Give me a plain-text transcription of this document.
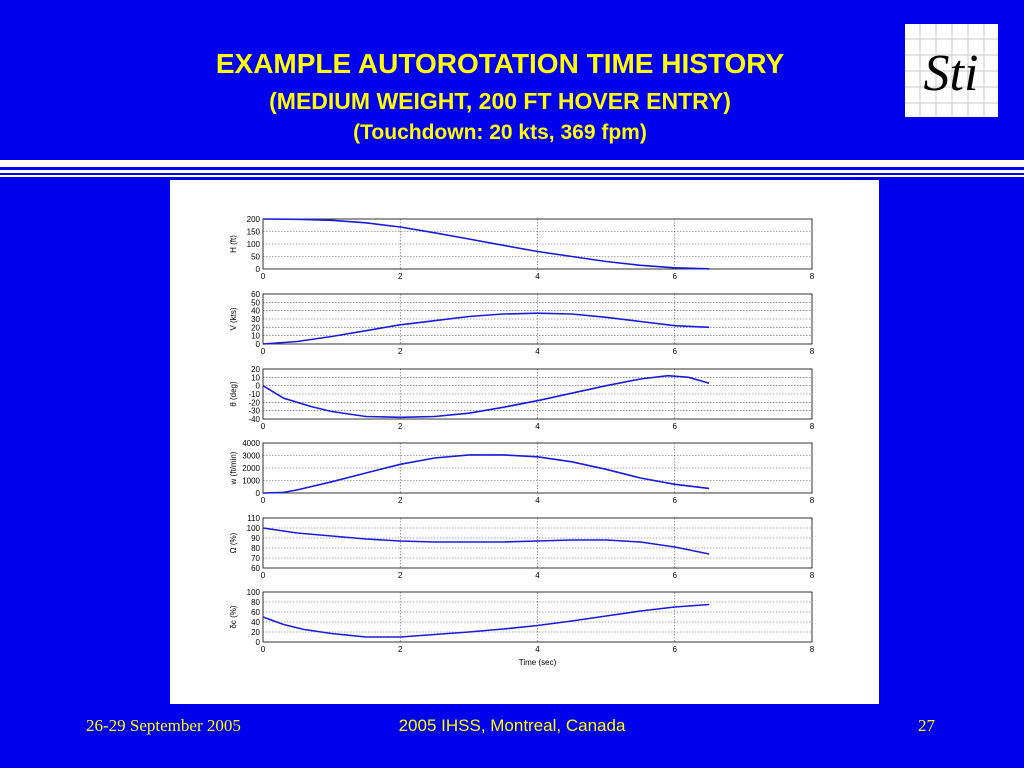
EXAMPLE AUTOROTATION TIME HISTORY
(MEDIUM WEIGHT, 200 FT HOVER ENTRY)
(Touchdown: 20 kts, 369 fpm)
Sti
0
50
100
150
200
0	2	4	6	8
H (ft)
0
10
20
30
40
50
60
0	2	4	6	8
V (kts)
-40
-30
-20
-10
0
10
20
0	2	4	6	8
θ (deg)
0
1000
2000
3000
4000
0	2	4	6	8
w (ft/min)
60
70
80
90
100
110
0	2	4	6	8
Ω (%)
0
20
40
60
80
100
0	2	4	6	8
δc (%)
Time (sec)
26-29 September 2005	2005 IHSS, Montreal, Canada	27
